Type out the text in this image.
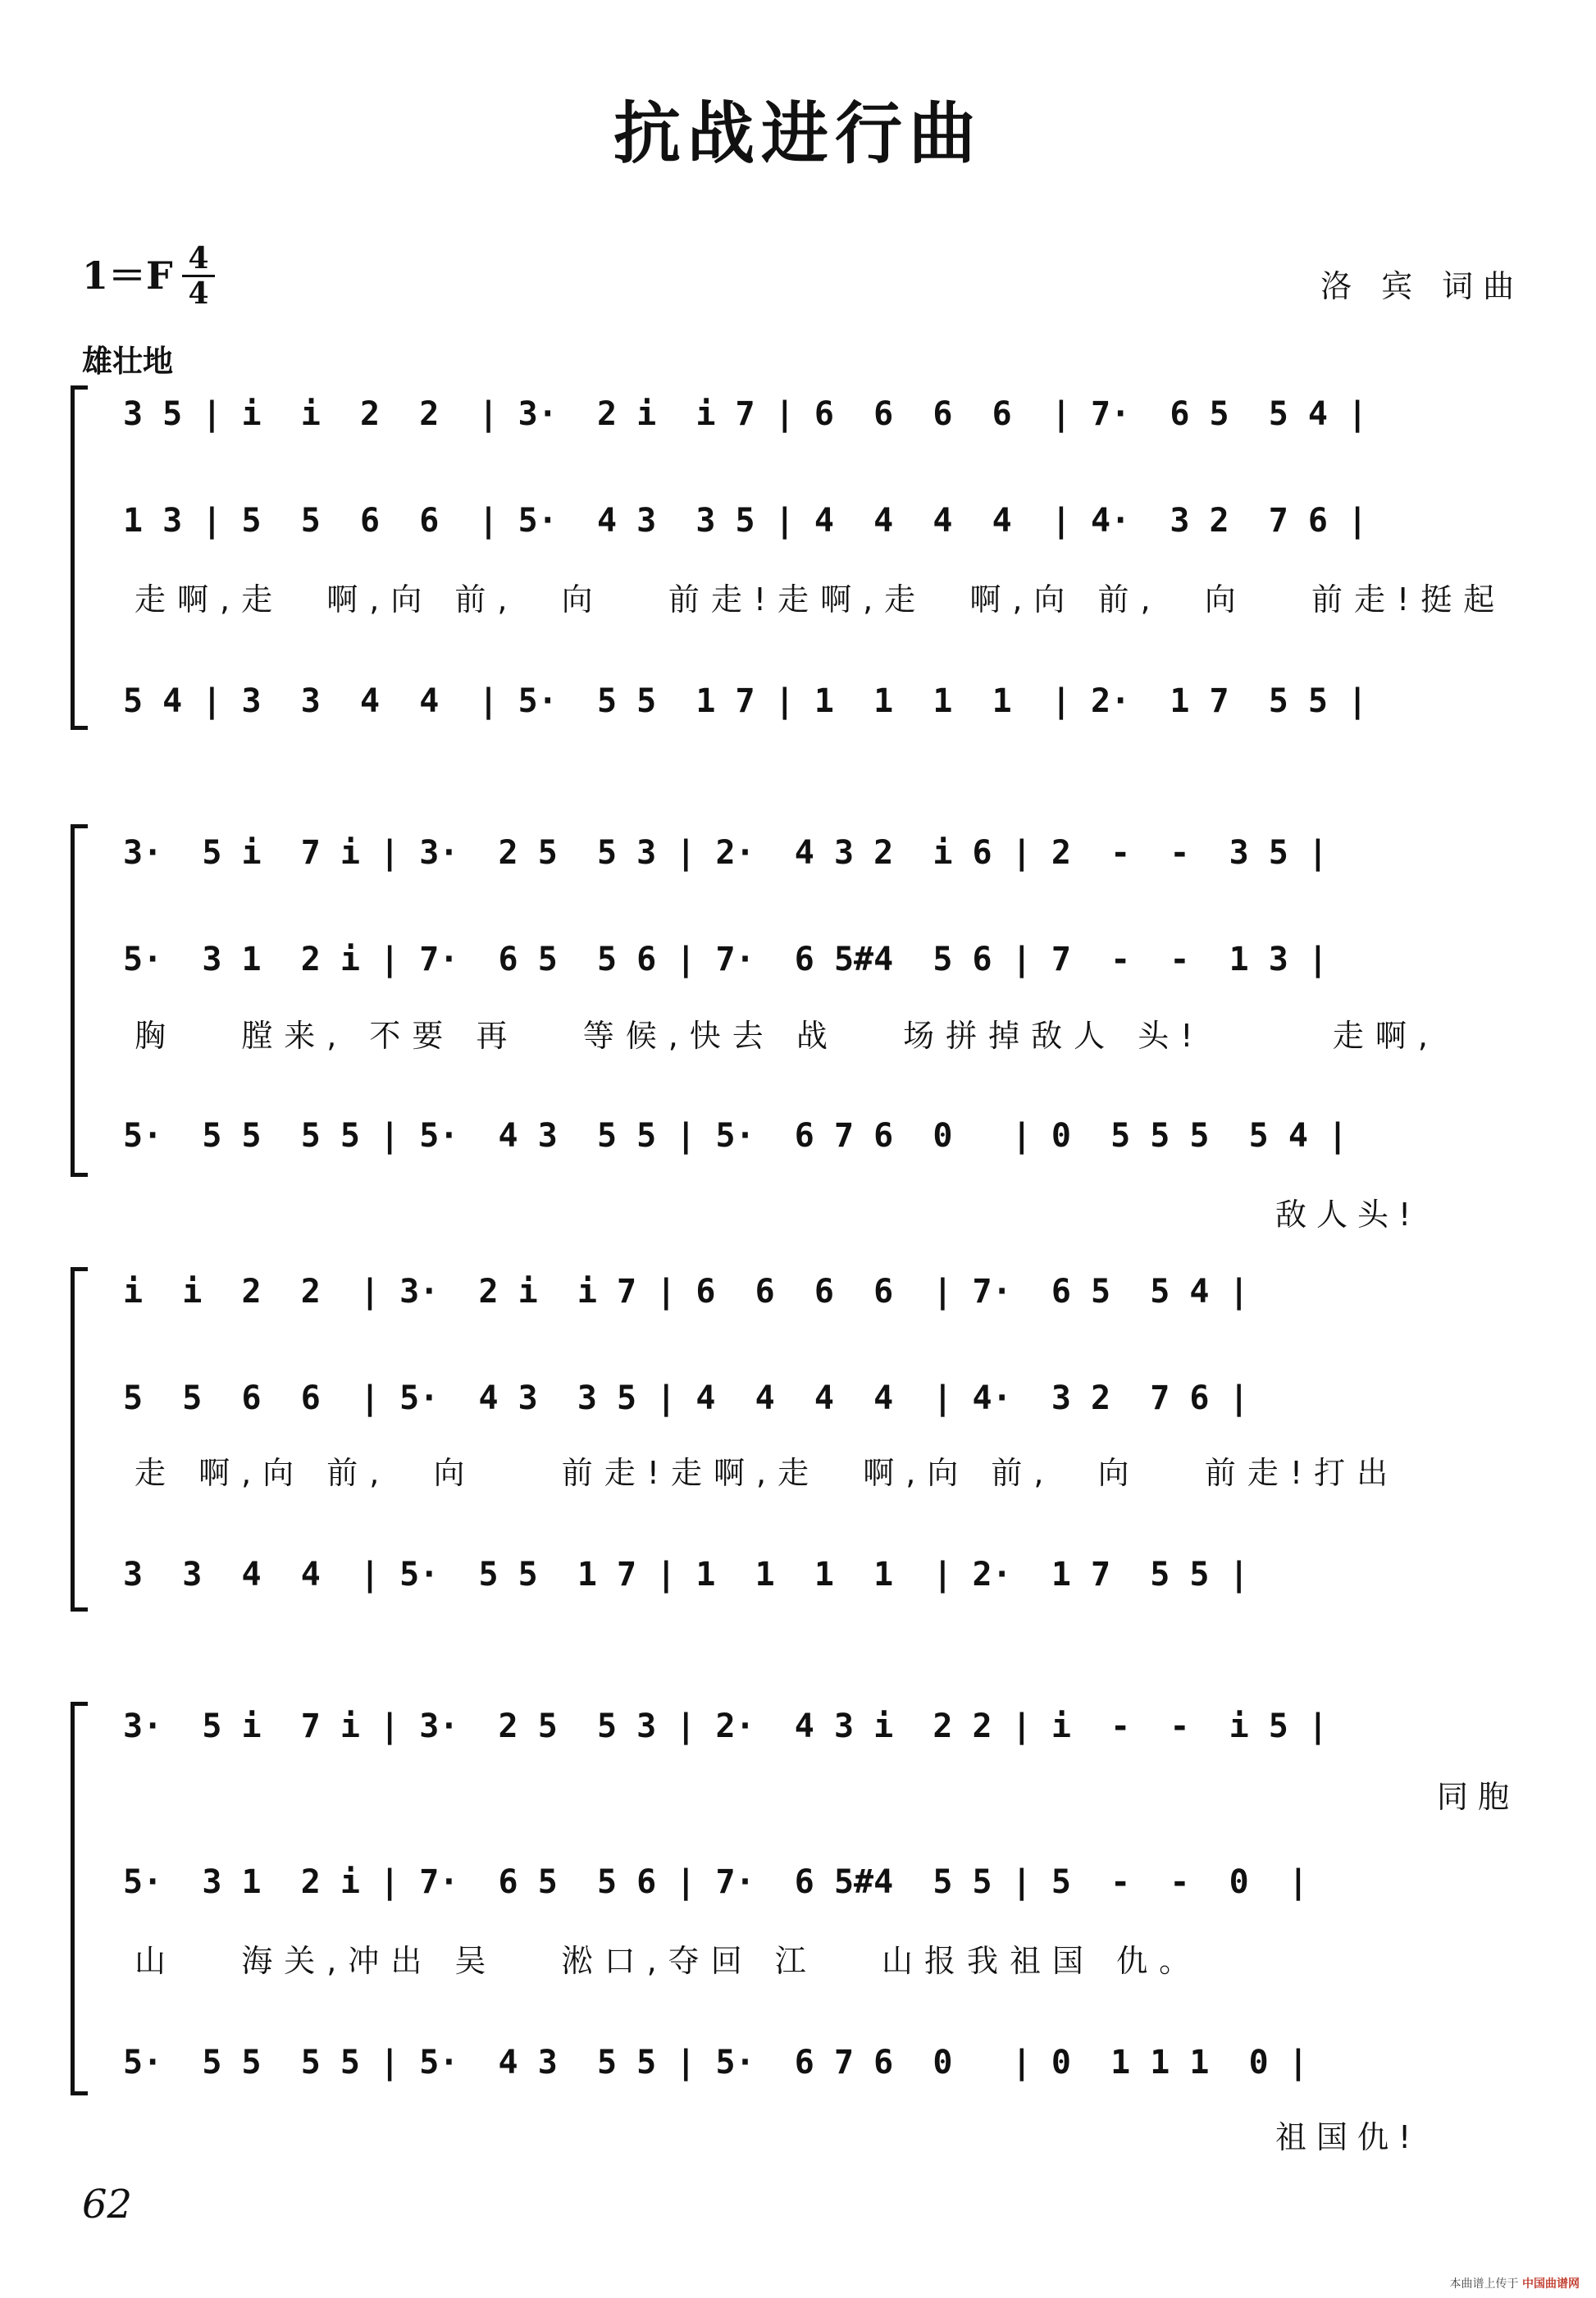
抗战进行曲
1＝F 4
4	洛 宾 词曲
雄壮地
3 5 | i  i  2  2  | 3·  2 i  i 7 | 6  6  6  6  | 7·  6 5  5 4 |
1 3 | 5  5  6  6  | 5·  4 3  3 5 | 4  4  4  4  | 4·  3 2  7 6 |
走啊,走  啊,向 前,  向   前走!走啊,走  啊,向 前,  向   前走!挺起
5 4 | 3  3  4  4  | 5·  5 5  1 7 | 1  1  1  1  | 2·  1 7  5 5 |
3·  5 i  7 i | 3·  2 5  5 3 | 2·  4 3 2  i 6 | 2  -  -  3 5 |
5·  3 1  2 i | 7·  6 5  5 6 | 7·  6 5#4  5 6 | 7  -  -  1 3 |
胸   膛来, 不要 再   等候,快去 战   场拼掉敌人 头!      走啊,
5·  5 5  5 5 | 5·  4 3  5 5 | 5·  6 7 6  0   | 0  5 5 5  5 4 |
敌人头!
i  i  2  2  | 3·  2 i  i 7 | 6  6  6  6  | 7·  6 5  5 4 |
5  5  6  6  | 5·  4 3  3 5 | 4  4  4  4  | 4·  3 2  7 6 |
走 啊,向 前,  向    前走!走啊,走  啊,向 前,  向   前走!打出
3  3  4  4  | 5·  5 5  1 7 | 1  1  1  1  | 2·  1 7  5 5 |
3·  5 i  7 i | 3·  2 5  5 3 | 2·  4 3 i  2 2 | i  -  -  i 5 |
同胞
5·  3 1  2 i | 7·  6 5  5 6 | 7·  6 5#4  5 5 | 5  -  -  0  |
山   海关,冲出 吴   淞口,夺回 江   山报我祖国 仇。
5·  5 5  5 5 | 5·  4 3  5 5 | 5·  6 7 6  0   | 0  1 1 1  0 |
祖国仇!
62
本曲谱上传于 中国曲谱网
